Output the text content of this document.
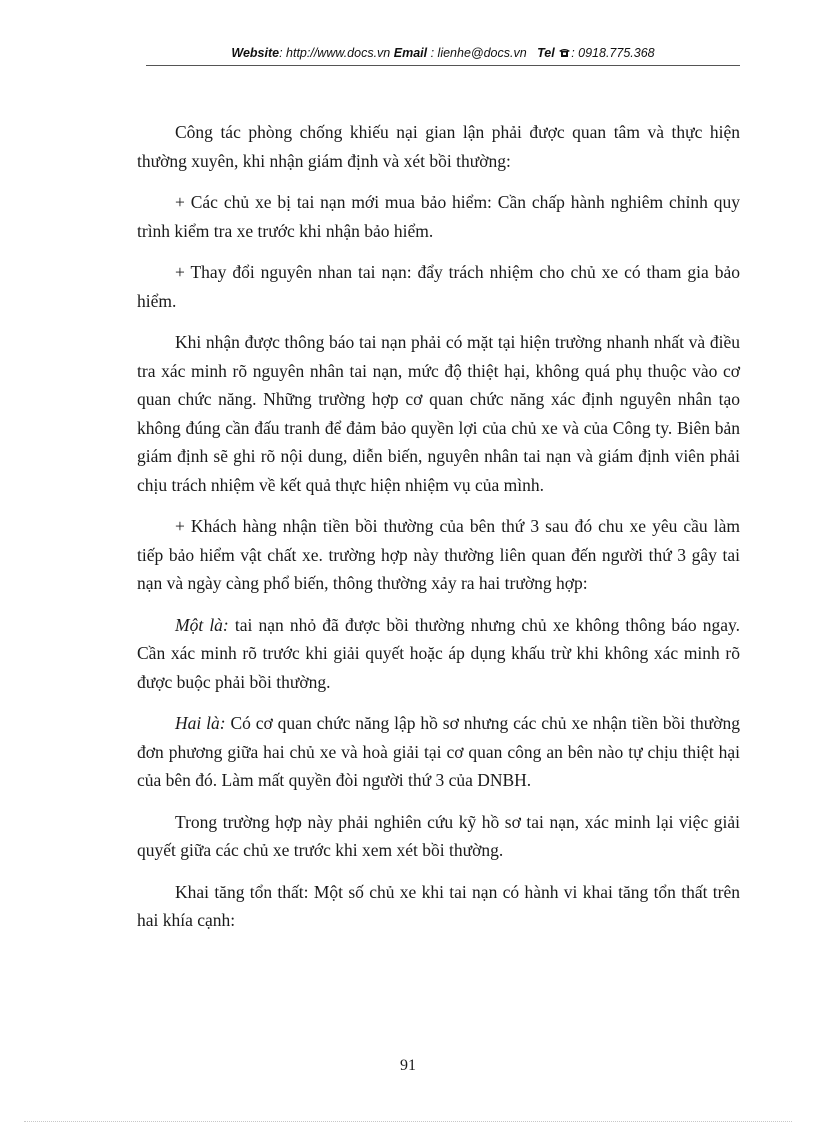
Website: http://www.docs.vn Email : lienhe@docs.vn Tel : 0918.775.368

Công tác phòng chống khiếu nại gian lận phải được quan tâm và thực hiện thường xuyên, khi nhận giám định và xét bồi thường:

+ Các chủ xe bị tai nạn mới mua bảo hiểm: Cần chấp hành nghiêm chỉnh quy trình kiểm tra xe trước khi nhận bảo hiểm.

+ Thay đổi nguyên nhan tai nạn: đẩy trách nhiệm cho chủ xe có tham gia bảo hiểm.

Khi nhận được thông báo tai nạn phải có mặt tại hiện trường nhanh nhất và điều tra xác minh rõ nguyên nhân tai nạn, mức độ thiệt hại, không quá phụ thuộc vào cơ quan chức năng. Những trường hợp cơ quan chức năng xác định nguyên nhân tạo không đúng cần đấu tranh để đảm bảo quyền lợi của chủ xe và của Công ty. Biên bản giám định sẽ ghi rõ nội dung, diễn biến, nguyên nhân tai nạn và giám định viên phải chịu trách nhiệm về kết quả thực hiện nhiệm vụ của mình.

+ Khách hàng nhận tiền bồi thường của bên thứ 3 sau đó chu xe yêu cầu làm tiếp bảo hiểm vật chất xe. trường hợp này thường liên quan đến người thứ 3 gây tai nạn và ngày càng phổ biến, thông thường xảy ra hai trường hợp:

Một là: tai nạn nhỏ đã được bồi thường nhưng chủ xe không thông báo ngay. Cần xác minh rõ trước khi giải quyết hoặc áp dụng khấu trừ khi không xác minh rõ được buộc phải bồi thường.

Hai là: Có cơ quan chức năng lập hồ sơ nhưng các chủ xe nhận tiền bồi thường đơn phương giữa hai chủ xe và hoà giải tại cơ quan công an bên nào tự chịu thiệt hại của bên đó. Làm mất quyền đòi người thứ 3 của DNBH.

Trong trường hợp này phải nghiên cứu kỹ hồ sơ tai nạn, xác minh lại việc giải quyết giữa các chủ xe trước khi xem xét bồi thường.

Khai tăng tổn thất: Một số chủ xe khi tai nạn có hành vi khai tăng tổn thất trên hai khía cạnh:

91
